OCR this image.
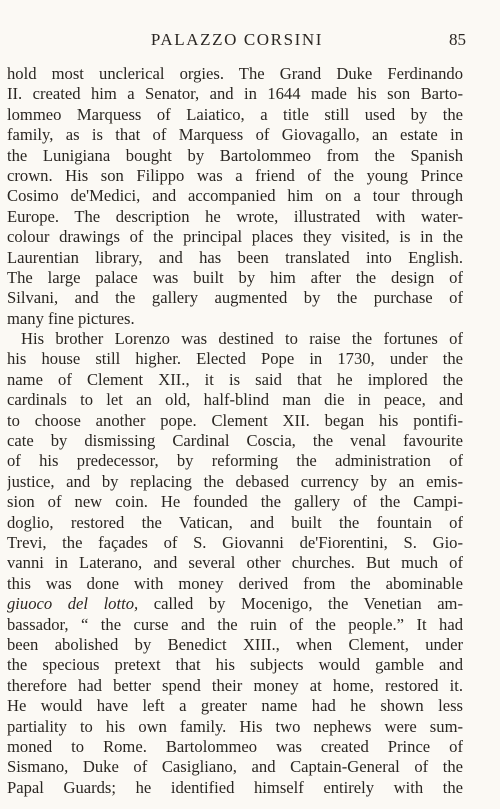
PALAZZO CORSINI	85
hold most unclerical orgies. The Grand Duke Ferdinando
II. created him a Senator, and in 1644 made his son Barto-
lommeo Marquess of Laiatico, a title still used by the
family, as is that of Marquess of Giovagallo, an estate in
the Lunigiana bought by Bartolommeo from the Spanish
crown. His son Filippo was a friend of the young Prince
Cosimo de'Medici, and accompanied him on a tour through
Europe. The description he wrote, illustrated with water-
colour drawings of the principal places they visited, is in the
Laurentian library, and has been translated into English.
The large palace was built by him after the design of
Silvani, and the gallery augmented by the purchase of
many fine pictures.
His brother Lorenzo was destined to raise the fortunes of
his house still higher. Elected Pope in 1730, under the
name of Clement XII., it is said that he implored the
cardinals to let an old, half-blind man die in peace, and
to choose another pope. Clement XII. began his pontifi-
cate by dismissing Cardinal Coscia, the venal favourite
of his predecessor, by reforming the administration of
justice, and by replacing the debased currency by an emis-
sion of new coin. He founded the gallery of the Campi-
doglio, restored the Vatican, and built the fountain of
Trevi, the façades of S. Giovanni de'Fiorentini, S. Gio-
vanni in Laterano, and several other churches. But much of
this was done with money derived from the abominable
giuoco del lotto, called by Mocenigo, the Venetian am-
bassador, “ the curse and the ruin of the people.” It had
been abolished by Benedict XIII., when Clement, under
the specious pretext that his subjects would gamble and
therefore had better spend their money at home, restored it.
He would have left a greater name had he shown less
partiality to his own family. His two nephews were sum-
moned to Rome. Bartolommeo was created Prince of
Sismano, Duke of Casigliano, and Captain-General of the
Papal Guards; he identified himself entirely with the
